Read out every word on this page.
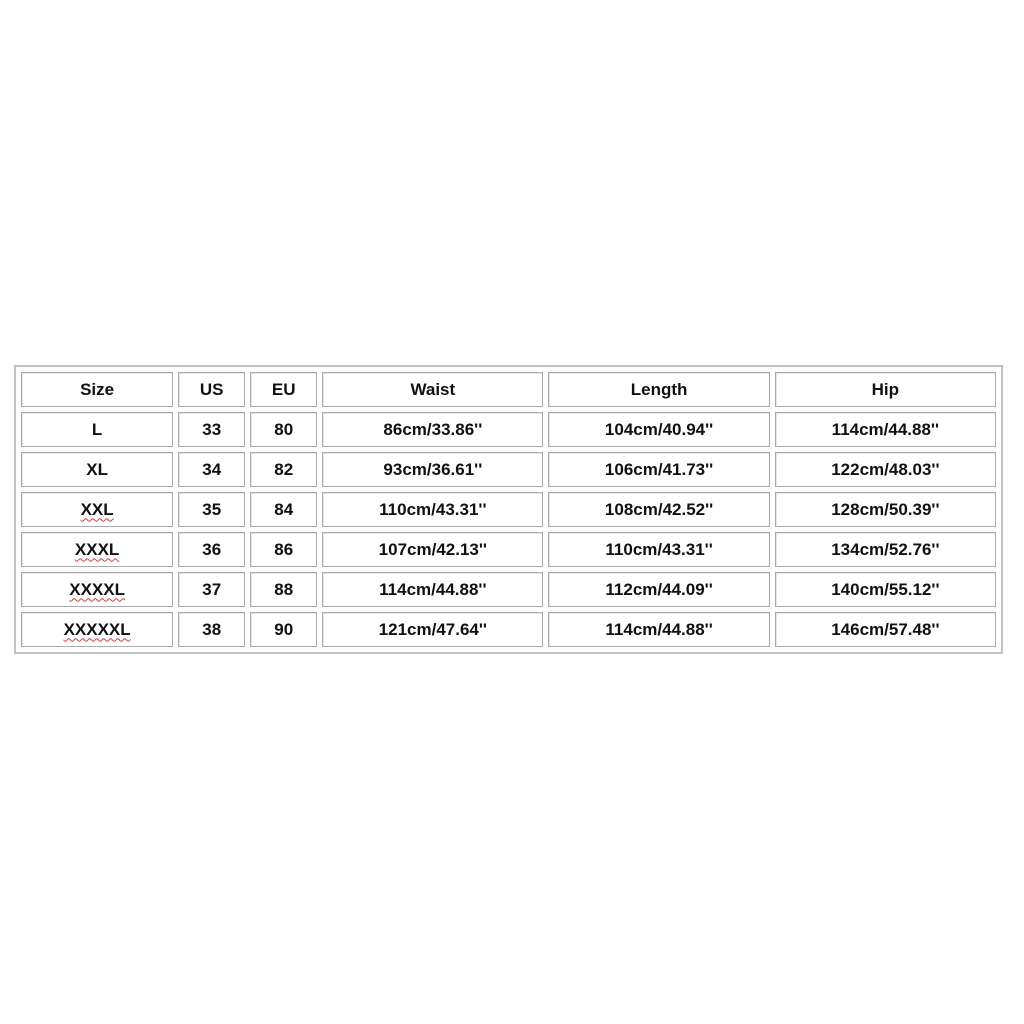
Size	US	EU	Waist	Length	Hip
L	33	80	86cm/33.86''	104cm/40.94''	114cm/44.88''
XL	34	82	93cm/36.61''	106cm/41.73''	122cm/48.03''
XXL	35	84	110cm/43.31''	108cm/42.52''	128cm/50.39''
XXXL	36	86	107cm/42.13''	110cm/43.31''	134cm/52.76''
XXXXL	37	88	114cm/44.88''	112cm/44.09''	140cm/55.12''
XXXXXL	38	90	121cm/47.64''	114cm/44.88''	146cm/57.48''
